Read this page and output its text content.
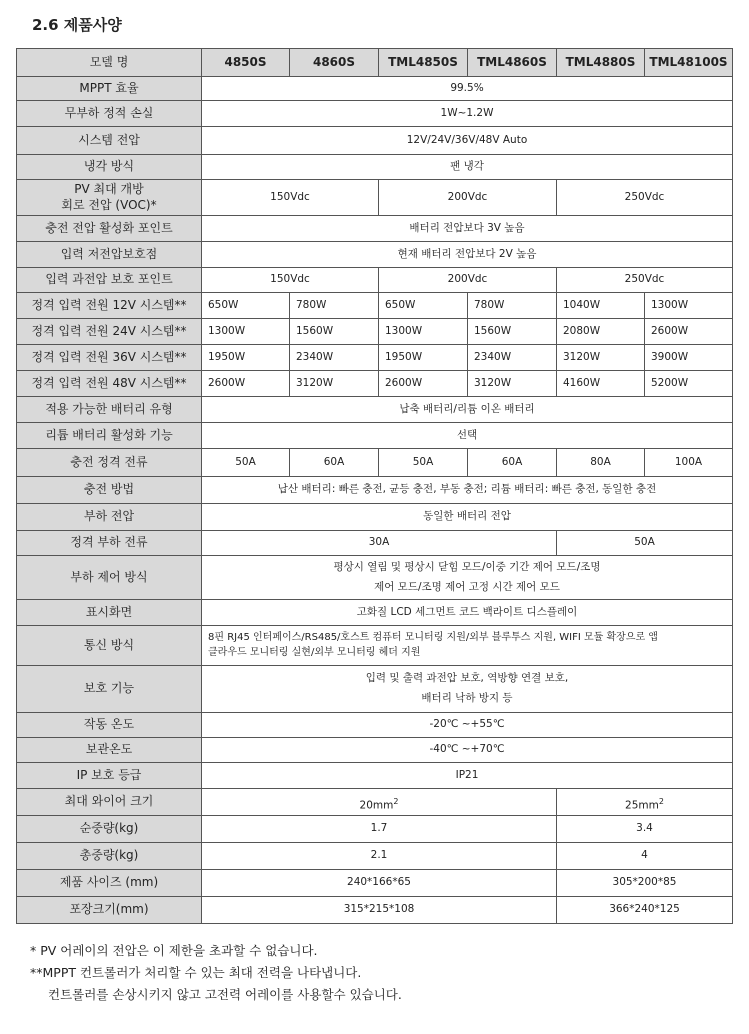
2.6 제품사양
모델 명	4850S	4860S	TML4850S	TML4860S	TML4880S	TML48100S
MPPT 효율	99.5%					
무부하 정적 손실	1W~1.2W					
시스템 전압	12V/24V/36V/48V Auto					
냉각 방식	팬 냉각					

PV 최대 개방
회로 전압 (VOC)*	150Vdc		200Vdc		250Vdc	
충전 전압 활성화 포인트	배터리 전압보다 3V 높음					
입력 저전압보호점	현재 배터리 전압보다 2V 높음					
입력 과전압 보호 포인트	150Vdc		200Vdc		250Vdc	
정격 입력 전원 12V 시스템**	650W	780W	650W	780W	1040W	1300W
정격 입력 전원 24V 시스템**	1300W	1560W	1300W	1560W	2080W	2600W
정격 입력 전원 36V 시스템**	1950W	2340W	1950W	2340W	3120W	3900W
정격 입력 전원 48V 시스템**	2600W	3120W	2600W	3120W	4160W	5200W
적용 가능한 배터리 유형	납축 배터리/리튬 이온 배터리					
리튬 배터리 활성화 기능	선택					
충전 정격 전류	50A	60A	50A	60A	80A	100A
충전 방법	납산 배터리: 빠른 충전, 균등 충전, 부동 충전; 리튬 배터리: 빠른 충전, 동일한 충전					
부하 전압	동일한 배터리 전압					
정격 부하 전류	30A				50A	
부하 제어 방식	평상시 열림 및 평상시 닫힘 모드/이중 기간 제어 모드/조명
제어 모드/조명 제어 고정 시간 제어 모드					

표시화면	고화질 LCD 세그먼트 코드 백라이트 디스플레이					
통신 방식	8핀 RJ45 인터페이스/RS485/호스트 컴퓨터 모니터링 지원/외부 블루투스 지원, WIFI 모듈 확장으로 앱
클라우드 모니터링 실현/외부 모니터링 헤더 지원					

보호 기능	입력 및 출력 과전압 보호, 역방향 연결 보호,
배터리 낙하 방지 등					

작동 온도	-20℃ ~+55℃					
보관온도	-40℃ ~+70℃					
IP 보호 등급	IP21					
최대 와이어 크기	$20mm^2$				$25mm^2$
순중량(kg)	1.7				3.4	
총중량(kg)	2.1				4	
제품 사이즈 (mm)	240*166*65				305*200*85	
포장크기(mm)	315*215*108				366*240*125	
* PV 어레이의 전압은 이 제한을 초과할 수 없습니다.
**MPPT 컨트롤러가 처리할 수 있는 최대 전력을 나타냅니다.
컨트롤러를 손상시키지 않고 고전력 어레이를 사용할수 있습니다.
